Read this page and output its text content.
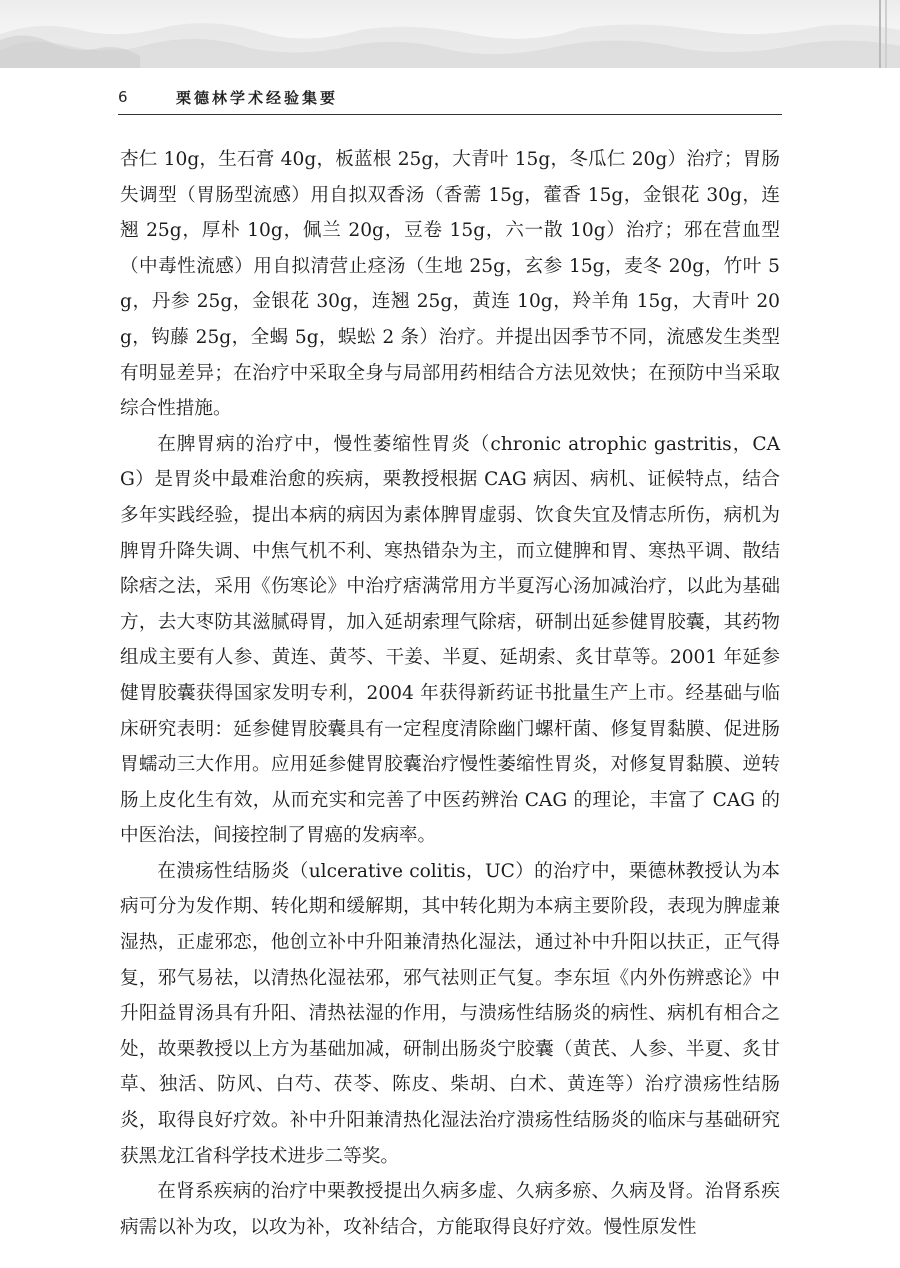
6	栗德林学术经验集要

杏仁 10g，生石膏 40g，板蓝根 25g，大青叶 15g，冬瓜仁 20g）治疗；胃肠失调型（胃肠型流感）用自拟双香汤（香薷 15g，藿香 15g，金银花 30g，连翘 25g，厚朴 10g，佩兰 20g，豆卷 15g，六一散 10g）治疗；邪在营血型（中毒性流感）用自拟清营止痉汤（生地 25g，玄参 15g，麦冬 20g，竹叶 5g，丹参 25g，金银花 30g，连翘 25g，黄连 10g，羚羊角 15g，大青叶 20g，钩藤 25g，全蝎 5g，蜈蚣 2 条）治疗。并提出因季节不同，流感发生类型有明显差异；在治疗中采取全身与局部用药相结合方法见效快；在预防中当采取综合性措施。

在脾胃病的治疗中，慢性萎缩性胃炎（chronic atrophic gastritis，CAG）是胃炎中最难治愈的疾病，栗教授根据 CAG 病因、病机、证候特点，结合多年实践经验，提出本病的病因为素体脾胃虚弱、饮食失宜及情志所伤，病机为脾胃升降失调、中焦气机不利、寒热错杂为主，而立健脾和胃、寒热平调、散结除痞之法，采用《伤寒论》中治疗痞满常用方半夏泻心汤加减治疗，以此为基础方，去大枣防其滋腻碍胃，加入延胡索理气除痞，研制出延参健胃胶囊，其药物组成主要有人参、黄连、黄芩、干姜、半夏、延胡索、炙甘草等。2001 年延参健胃胶囊获得国家发明专利，2004 年获得新药证书批量生产上市。经基础与临床研究表明：延参健胃胶囊具有一定程度清除幽门螺杆菌、修复胃黏膜、促进肠胃蠕动三大作用。应用延参健胃胶囊治疗慢性萎缩性胃炎，对修复胃黏膜、逆转肠上皮化生有效，从而充实和完善了中医药辨治 CAG 的理论，丰富了 CAG 的中医治法，间接控制了胃癌的发病率。

在溃疡性结肠炎（ulcerative colitis，UC）的治疗中，栗德林教授认为本病可分为发作期、转化期和缓解期，其中转化期为本病主要阶段，表现为脾虚兼湿热，正虚邪恋，他创立补中升阳兼清热化湿法，通过补中升阳以扶正，正气得复，邪气易祛，以清热化湿祛邪，邪气祛则正气复。李东垣《内外伤辨惑论》中升阳益胃汤具有升阳、清热祛湿的作用，与溃疡性结肠炎的病性、病机有相合之处，故栗教授以上方为基础加减，研制出肠炎宁胶囊（黄芪、人参、半夏、炙甘草、独活、防风、白芍、茯苓、陈皮、柴胡、白术、黄连等）治疗溃疡性结肠炎，取得良好疗效。补中升阳兼清热化湿法治疗溃疡性结肠炎的临床与基础研究获黑龙江省科学技术进步二等奖。

在肾系疾病的治疗中栗教授提出久病多虚、久病多瘀、久病及肾。治肾系疾病需以补为攻，以攻为补，攻补结合，方能取得良好疗效。慢性原发性
